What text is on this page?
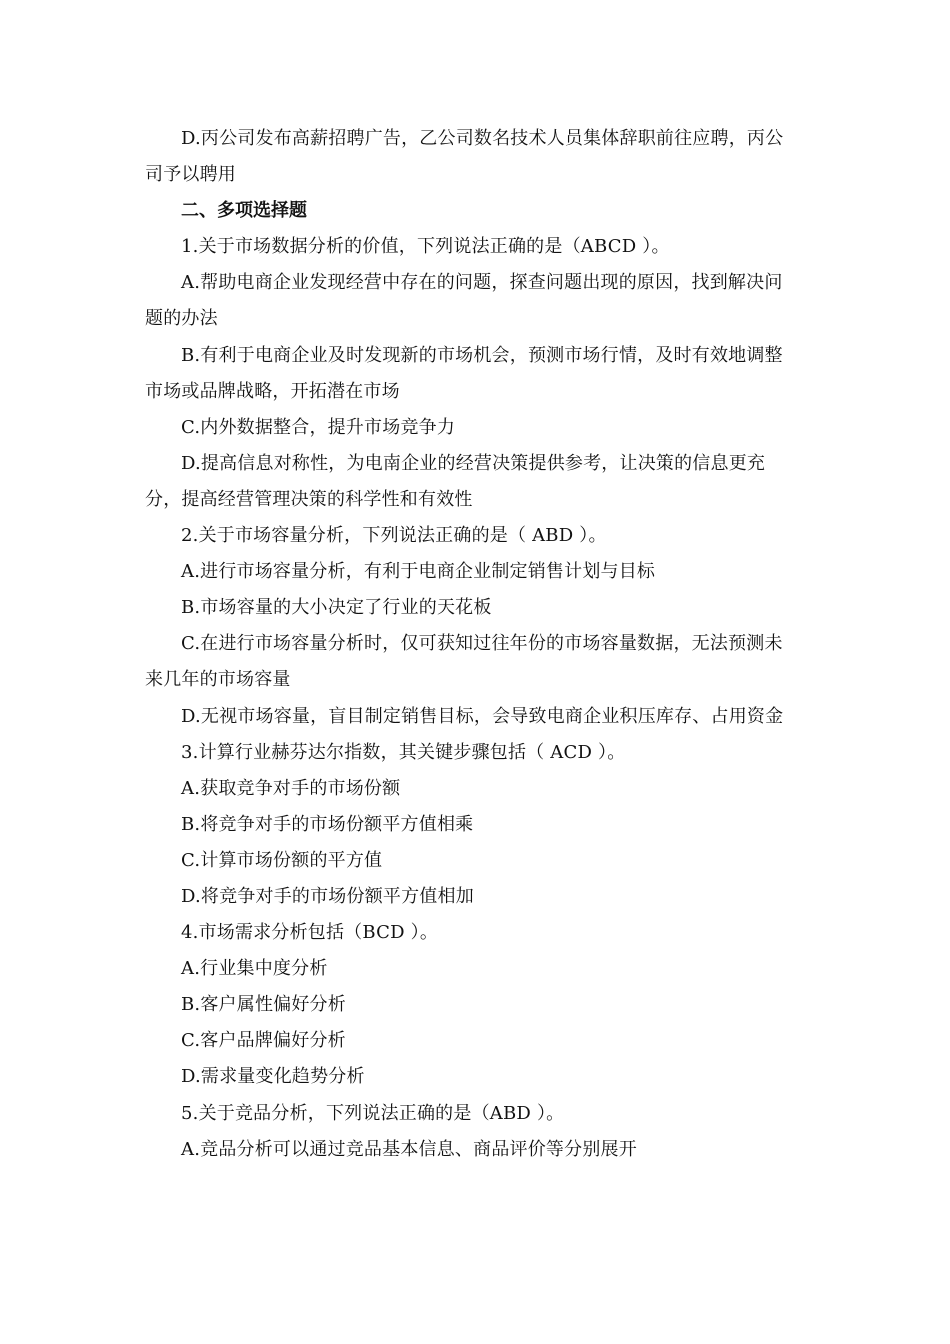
D.丙公司发布高薪招聘广告，乙公司数名技术人员集体辞职前往应聘，丙公司予以聘用

二、多项选择题

1.关于市场数据分析的价值，下列说法正确的是（ABCD ）。

A.帮助电商企业发现经营中存在的问题，探查问题出现的原因，找到解决问题的办法

B.有利于电商企业及时发现新的市场机会，预测市场行情，及时有效地调整市场或品牌战略，开拓潜在市场

C.内外数据整合，提升市场竞争力

D.提高信息对称性，为电南企业的经营决策提供参考，让决策的信息更充分，提高经营管理决策的科学性和有效性

2.关于市场容量分析，下列说法正确的是（ ABD ）。

A.进行市场容量分析，有利于电商企业制定销售计划与目标

B.市场容量的大小决定了行业的天花板

C.在进行市场容量分析时，仅可获知过往年份的市场容量数据，无法预测未来几年的市场容量

D.无视市场容量，盲目制定销售目标，会导致电商企业积压库存、占用资金

3.计算行业赫芬达尔指数，其关键步骤包括（ ACD ）。

A.获取竞争对手的市场份额

B.将竞争对手的市场份额平方值相乘

C.计算市场份额的平方值

D.将竞争对手的市场份额平方值相加

4.市场需求分析包括（BCD ）。

A.行业集中度分析

B.客户属性偏好分析

C.客户品牌偏好分析

D.需求量变化趋势分析

5.关于竞品分析，下列说法正确的是（ABD ）。

A.竞品分析可以通过竞品基本信息、商品评价等分别展开
